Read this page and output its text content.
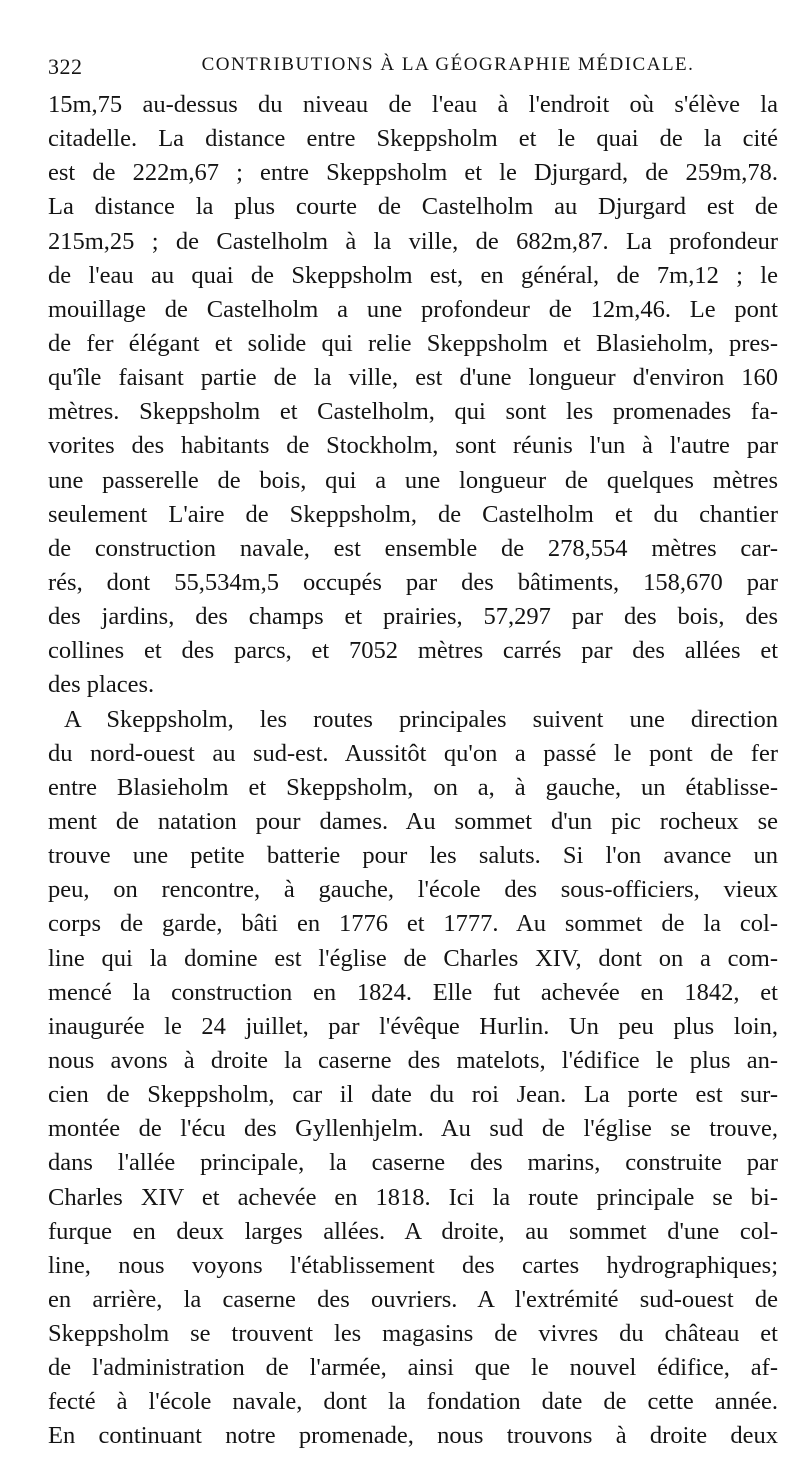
322	CONTRIBUTIONS À LA GÉOGRAPHIE MÉDICALE.
15m,75 au-dessus du niveau de l'eau à l'endroit où s'élève la
citadelle. La distance entre Skeppsholm et le quai de la cité
est de 222m,67 ; entre Skeppsholm et le Djurgard, de 259m,78.
La distance la plus courte de Castelholm au Djurgard est de
215m,25 ; de Castelholm à la ville, de 682m,87. La profondeur
de l'eau au quai de Skeppsholm est, en général, de 7m,12 ; le
mouillage de Castelholm a une profondeur de 12m,46. Le pont
de fer élégant et solide qui relie Skeppsholm et Blasieholm, pres-
qu'île faisant partie de la ville, est d'une longueur d'environ 160
mètres. Skeppsholm et Castelholm, qui sont les promenades fa-
vorites des habitants de Stockholm, sont réunis l'un à l'autre par
une passerelle de bois, qui a une longueur de quelques mètres
seulement L'aire de Skeppsholm, de Castelholm et du chantier
de construction navale, est ensemble de 278,554 mètres car-
rés, dont 55,534m,5 occupés par des bâtiments, 158,670 par
des jardins, des champs et prairies, 57,297 par des bois, des
collines et des parcs, et 7052 mètres carrés par des allées et
des places.
A Skeppsholm, les routes principales suivent une direction
du nord-ouest au sud-est. Aussitôt qu'on a passé le pont de fer
entre Blasieholm et Skeppsholm, on a, à gauche, un établisse-
ment de natation pour dames. Au sommet d'un pic rocheux se
trouve une petite batterie pour les saluts. Si l'on avance un
peu, on rencontre, à gauche, l'école des sous-officiers, vieux
corps de garde, bâti en 1776 et 1777. Au sommet de la col-
line qui la domine est l'église de Charles XIV, dont on a com-
mencé la construction en 1824. Elle fut achevée en 1842, et
inaugurée le 24 juillet, par l'évêque Hurlin. Un peu plus loin,
nous avons à droite la caserne des matelots, l'édifice le plus an-
cien de Skeppsholm, car il date du roi Jean. La porte est sur-
montée de l'écu des Gyllenhjelm. Au sud de l'église se trouve,
dans l'allée principale, la caserne des marins, construite par
Charles XIV et achevée en 1818. Ici la route principale se bi-
furque en deux larges allées. A droite, au sommet d'une col-
line, nous voyons l'établissement des cartes hydrographiques;
en arrière, la caserne des ouvriers. A l'extrémité sud-ouest de
Skeppsholm se trouvent les magasins de vivres du château et
de l'administration de l'armée, ainsi que le nouvel édifice, af-
fecté à l'école navale, dont la fondation date de cette année.
En continuant notre promenade, nous trouvons à droite deux
